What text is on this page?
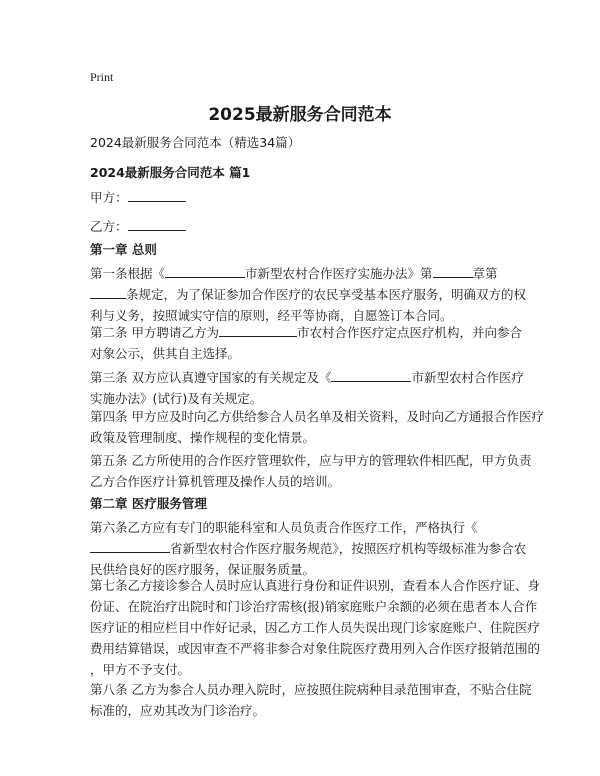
Print
2025最新服务合同范本

2024最新服务合同范本（精选34篇）

2024最新服务合同范本 篇1

甲方：
乙方：

第一章 总则

第一条根据《	市新型农村合作医疗实施办法》第	章第
条规定，为了保证参加合作医疗的农民享受基本医疗服务，明确双方的权
利与义务，按照诚实守信的原则，经平等协商，自愿签订本合同。
第二条 甲方聘请乙方为	市农村合作医疗定点医疗机构，并向参合
对象公示，供其自主选择。
第三条 双方应认真遵守国家的有关规定及《	市新型农村合作医疗
实施办法》(试行)及有关规定。
第四条 甲方应及时向乙方供给参合人员名单及相关资料，及时向乙方通报合作医疗
政策及管理制度、操作规程的变化情景。
第五条 乙方所使用的合作医疗管理软件，应与甲方的管理软件相匹配，甲方负责
乙方合作医疗计算机管理及操作人员的培训。

第二章 医疗服务管理

第六条乙方应有专门的职能科室和人员负责合作医疗工作，严格执行《
省新型农村合作医疗服务规范》，按照医疗机构等级标准为参合农
民供给良好的医疗服务，保证服务质量。
第七条乙方接诊参合人员时应认真进行身份和证件识别，查看本人合作医疗证、身
份证、在院治疗出院时和门诊治疗需核(报)销家庭账户余额的必须在患者本人合作
医疗证的相应栏目中作好记录，因乙方工作人员失误出现门诊家庭账户、住院医疗
费用结算错误，或因审查不严将非参合对象住院医疗费用列入合作医疗报销范围的
，甲方不予支付。
第八条 乙方为参合人员办理入院时，应按照住院病种目录范围审查，不贴合住院
标准的，应劝其改为门诊治疗。
